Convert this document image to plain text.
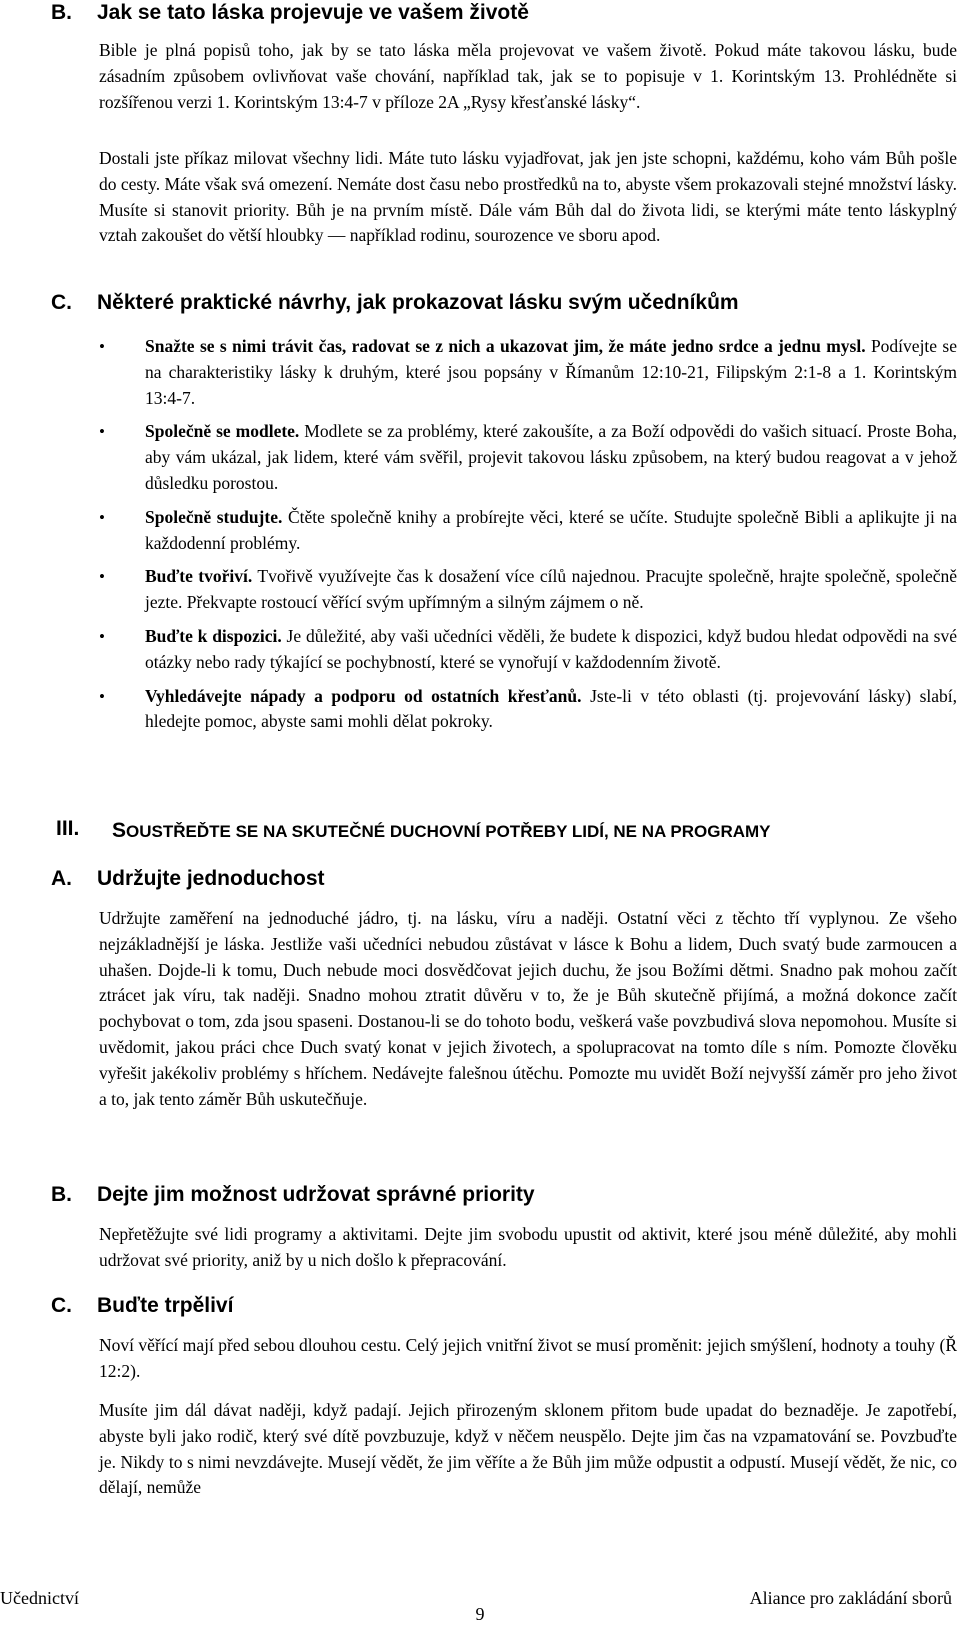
B. Jak se tato láska projevuje ve vašem životě

Bible je plná popisů toho, jak by se tato láska měla projevovat ve vašem životě. Pokud máte takovou lásku, bude zásadním způsobem ovlivňovat vaše chování, například tak, jak se to popisuje v 1. Korintským 13. Prohlédněte si rozšířenou verzi 1. Korintským 13:4-7 v příloze 2A „Rysy křesťanské lásky“.

Dostali jste příkaz milovat všechny lidi. Máte tuto lásku vyjadřovat, jak jen jste schopni, každému, koho vám Bůh pošle do cesty. Máte však svá omezení. Nemáte dost času nebo prostředků na to, abyste všem prokazovali stejné množství lásky. Musíte si stanovit priority. Bůh je na prvním místě. Dále vám Bůh dal do života lidi, se kterými máte tento láskyplný vztah zakoušet do větší hloubky — například rodinu, sourozence ve sboru apod.

C. Některé praktické návrhy, jak prokazovat lásku svým učedníkům
• Snažte se s nimi trávit čas, radovat se z nich a ukazovat jim, že máte jedno srdce a jednu mysl. Podívejte se na charakteristiky lásky k druhým, které jsou popsány v Římanům 12:10-21, Filipským 2:1-8 a 1. Korintským 13:4-7.
• Společně se modlete. Modlete se za problémy, které zakoušíte, a za Boží odpovědi do vašich situací. Proste Boha, aby vám ukázal, jak lidem, které vám svěřil, projevit takovou lásku způsobem, na který budou reagovat a v jehož důsledku porostou.
• Společně studujte. Čtěte společně knihy a probírejte věci, které se učíte. Studujte společně Bibli a aplikujte ji na každodenní problémy.
• Buďte tvořiví. Tvořivě využívejte čas k dosažení více cílů najednou. Pracujte společně, hrajte společně, společně jezte. Překvapte rostoucí věřící svým upřímným a silným zájmem o ně.
• Buďte k dispozici. Je důležité, aby vaši učedníci věděli, že budete k dispozici, když budou hledat odpovědi na své otázky nebo rady týkající se pochybností, které se vynořují v každodenním životě.
• Vyhledávejte nápady a podporu od ostatních křesťanů. Jste-li v této oblasti (tj. projevování lásky) slabí, hledejte pomoc, abyste sami mohli dělat pokroky.
III. SOUSTŘEĎTE SE NA SKUTEČNÉ DUCHOVNÍ POTŘEBY LIDÍ, NE NA PROGRAMY
A. Udržujte jednoduchost

Udržujte zaměření na jednoduché jádro, tj. na lásku, víru a naději. Ostatní věci z těchto tří vyplynou. Ze všeho nejzákladnější je láska. Jestliže vaši učedníci nebudou zůstávat v lásce k Bohu a lidem, Duch svatý bude zarmoucen a uhašen. Dojde-li k tomu, Duch nebude moci dosvědčovat jejich duchu, že jsou Božími dětmi. Snadno pak mohou začít ztrácet jak víru, tak naději. Snadno mohou ztratit důvěru v to, že je Bůh skutečně přijímá, a možná dokonce začít pochybovat o tom, zda jsou spaseni. Dostanou-li se do tohoto bodu, veškerá vaše povzbudivá slova nepomohou. Musíte si uvědomit, jakou práci chce Duch svatý konat v jejich životech, a spolupracovat na tomto díle s ním. Pomozte člověku vyřešit jakékoliv problémy s hříchem. Nedávejte falešnou útěchu. Pomozte mu uvidět Boží nejvyšší záměr pro jeho život a to, jak tento záměr Bůh uskutečňuje.

B. Dejte jim možnost udržovat správné priority

Nepřetěžujte své lidi programy a aktivitami. Dejte jim svobodu upustit od aktivit, které jsou méně důležité, aby mohli udržovat své priority, aniž by u nich došlo k přepracování.

C. Buďte trpěliví

Noví věřící mají před sebou dlouhou cestu. Celý jejich vnitřní život se musí proměnit: jejich smýšlení, hodnoty a touhy (Ř 12:2).

Musíte jim dál dávat naději, když padají. Jejich přirozeným sklonem přitom bude upadat do beznaděje. Je zapotřebí, abyste byli jako rodič, který své dítě povzbuzuje, když v něčem neuspělo. Dejte jim čas na vzpamatování se. Povzbuďte je. Nikdy to s nimi nevzdávejte. Musejí vědět, že jim věříte a že Bůh jim může odpustit a odpustí. Musejí vědět, že nic, co dělají, nemůže

Učednictví	Aliance pro zakládání sborů
9
